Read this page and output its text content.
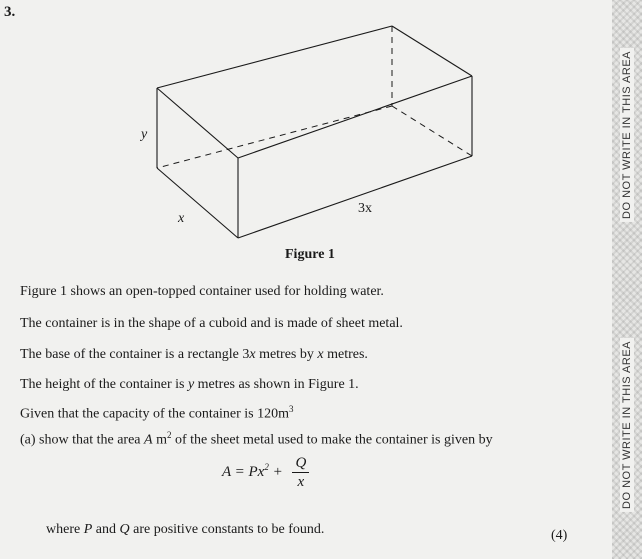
3.
y
x
3x
Figure 1
Figure 1 shows an open-topped container used for holding water.
The container is in the shape of a cuboid and is made of sheet metal.
The base of the container is a rectangle 3x metres by x metres.
The height of the container is y metres as shown in Figure 1.
Given that the capacity of the container is $120m^3$
(a) show that the area A $m^2$ of the sheet metal used to make the container is given by
$A = Px^2 + \frac{Q}{x}$
where P and Q are positive constants to be found.	(4)
DO NOT WRITE IN THIS AREA
DO NOT WRITE IN THIS AREA
